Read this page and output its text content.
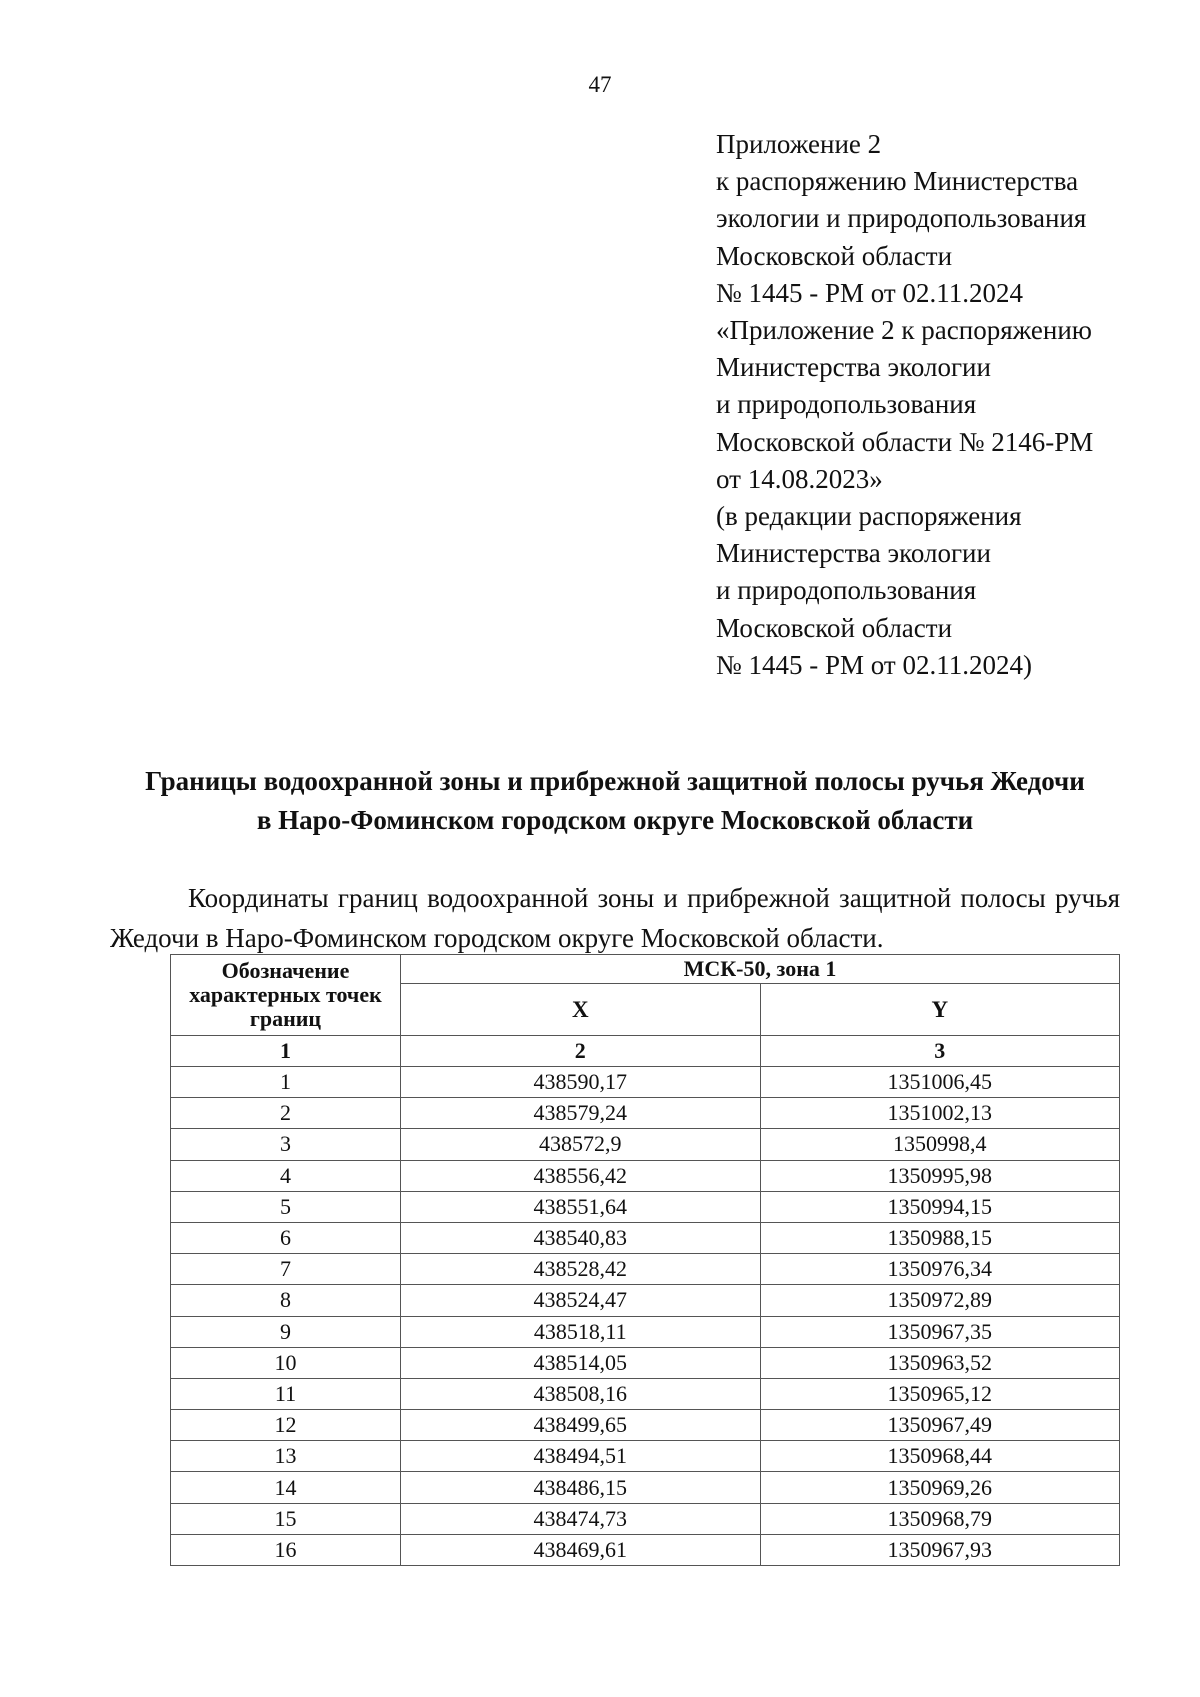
47
Приложение 2
к распоряжению Министерства
экологии и природопользования
Московской области
№ 1445 - РМ от 02.11.2024
«Приложение 2 к распоряжению
Министерства экологии
и природопользования
Московской области № 2146-РМ
от 14.08.2023»
(в редакции распоряжения
Министерства экологии
и природопользования
Московской области
№ 1445 - РМ от 02.11.2024)
Границы водоохранной зоны и прибрежной защитной полосы ручья Жедочи
в Наро-Фоминском городском округе Московской области
Координаты границ водоохранной зоны и прибрежной защитной полосы ручья Жедочи в Наро-Фоминском городском округе Московской области.
Обозначение характерных точек границ	МСК-50, зона 1	
	X	Y
1	2	3
1	438590,17	1351006,45
2	438579,24	1351002,13
3	438572,9	1350998,4
4	438556,42	1350995,98
5	438551,64	1350994,15
6	438540,83	1350988,15
7	438528,42	1350976,34
8	438524,47	1350972,89
9	438518,11	1350967,35
10	438514,05	1350963,52
11	438508,16	1350965,12
12	438499,65	1350967,49
13	438494,51	1350968,44
14	438486,15	1350969,26
15	438474,73	1350968,79
16	438469,61	1350967,93
